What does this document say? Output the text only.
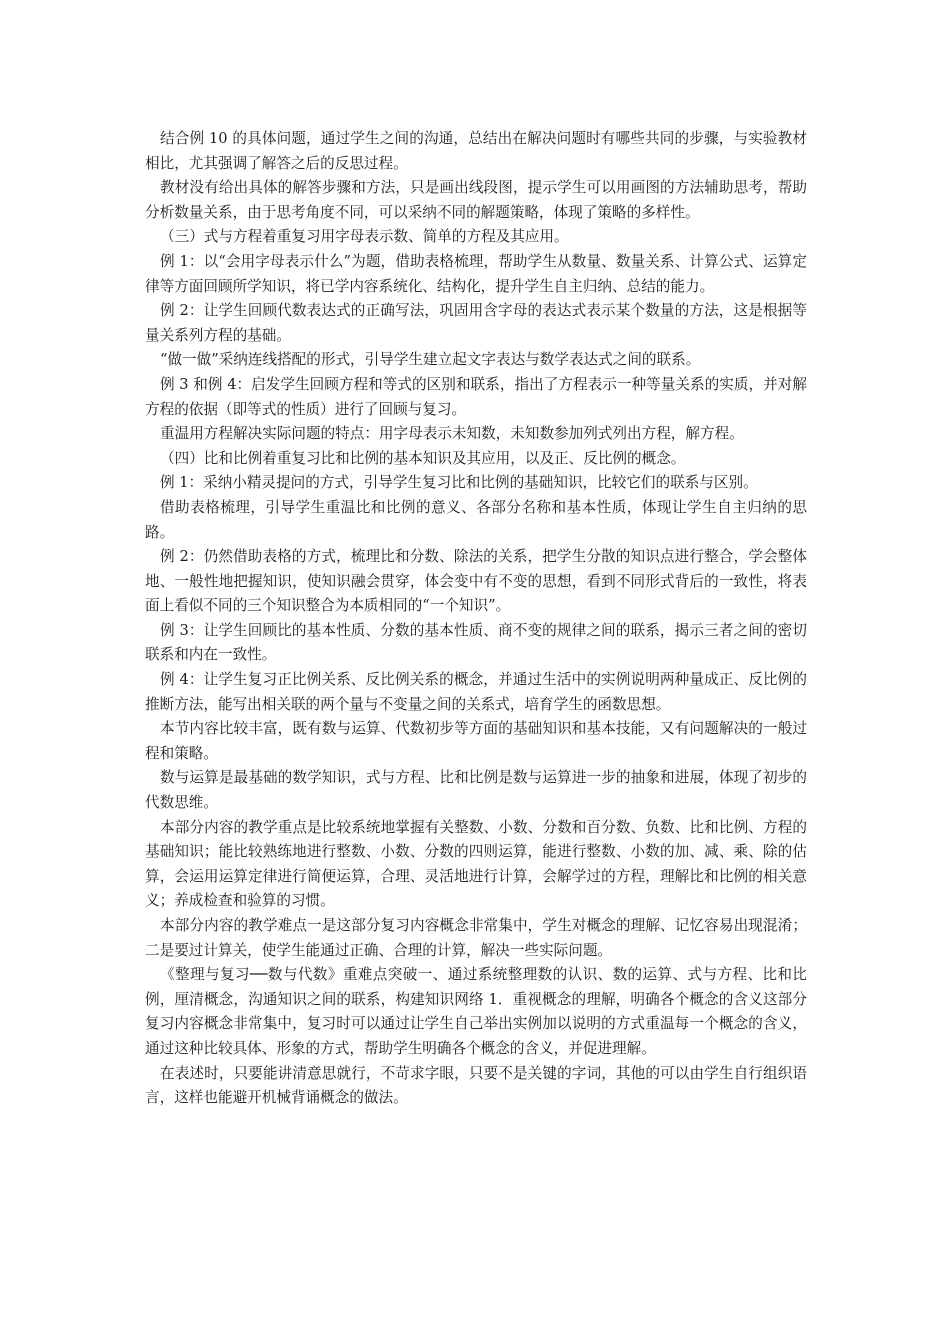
结合例 10 的具体问题，通过学生之间的沟通，总结出在解决问题时有哪些共同的步骤，与实验教材相比，尤其强调了解答之后的反思过程。

教材没有给出具体的解答步骤和方法，只是画出线段图，提示学生可以用画图的方法辅助思考，帮助分析数量关系，由于思考角度不同，可以采纳不同的解题策略，体现了策略的多样性。

（三）式与方程着重复习用字母表示数、简单的方程及其应用。

例 1：以“会用字母表示什么”为题，借助表格梳理，帮助学生从数量、数量关系、计算公式、运算定律等方面回顾所学知识，将已学内容系统化、结构化，提升学生自主归纳、总结的能力。

例 2：让学生回顾代数表达式的正确写法，巩固用含字母的表达式表示某个数量的方法，这是根据等量关系列方程的基础。

“做一做”采纳连线搭配的形式，引导学生建立起文字表达与数学表达式之间的联系。

例 3 和例 4：启发学生回顾方程和等式的区别和联系，指出了方程表示一种等量关系的实质，并对解方程的依据（即等式的性质）进行了回顾与复习。

重温用方程解决实际问题的特点：用字母表示未知数，未知数参加列式列出方程，解方程。

（四）比和比例着重复习比和比例的基本知识及其应用，以及正、反比例的概念。

例 1：采纳小精灵提问的方式，引导学生复习比和比例的基础知识，比较它们的联系与区别。

借助表格梳理，引导学生重温比和比例的意义、各部分名称和基本性质，体现让学生自主归纳的思路。

例 2：仍然借助表格的方式，梳理比和分数、除法的关系，把学生分散的知识点进行整合，学会整体地、一般性地把握知识，使知识融会贯穿，体会变中有不变的思想，看到不同形式背后的一致性，将表面上看似不同的三个知识整合为本质相同的“一个知识”。

例 3：让学生回顾比的基本性质、分数的基本性质、商不变的规律之间的联系，揭示三者之间的密切联系和内在一致性。

例 4：让学生复习正比例关系、反比例关系的概念，并通过生活中的实例说明两种量成正、反比例的推断方法，能写出相关联的两个量与不变量之间的关系式，培育学生的函数思想。

本节内容比较丰富，既有数与运算、代数初步等方面的基础知识和基本技能，又有问题解决的一般过程和策略。

数与运算是最基础的数学知识，式与方程、比和比例是数与运算进一步的抽象和进展，体现了初步的代数思维。

本部分内容的教学重点是比较系统地掌握有关整数、小数、分数和百分数、负数、比和比例、方程的基础知识；能比较熟练地进行整数、小数、分数的四则运算，能进行整数、小数的加、减、乘、除的估算，会运用运算定律进行简便运算，合理、灵活地进行计算，会解学过的方程，理解比和比例的相关意义；养成检查和验算的习惯。

本部分内容的教学难点一是这部分复习内容概念非常集中，学生对概念的理解、记忆容易出现混淆；二是要过计算关，使学生能通过正确、合理的计算，解决一些实际问题。

《整理与复习──数与代数》重难点突破一、通过系统整理数的认识、数的运算、式与方程、比和比例，厘清概念，沟通知识之间的联系，构建知识网络 1．重视概念的理解，明确各个概念的含义这部分复习内容概念非常集中，复习时可以通过让学生自己举出实例加以说明的方式重温每一个概念的含义，通过这种比较具体、形象的方式，帮助学生明确各个概念的含义，并促进理解。

在表述时，只要能讲清意思就行，不苛求字眼，只要不是关键的字词，其他的可以由学生自行组织语言，这样也能避开机械背诵概念的做法。
